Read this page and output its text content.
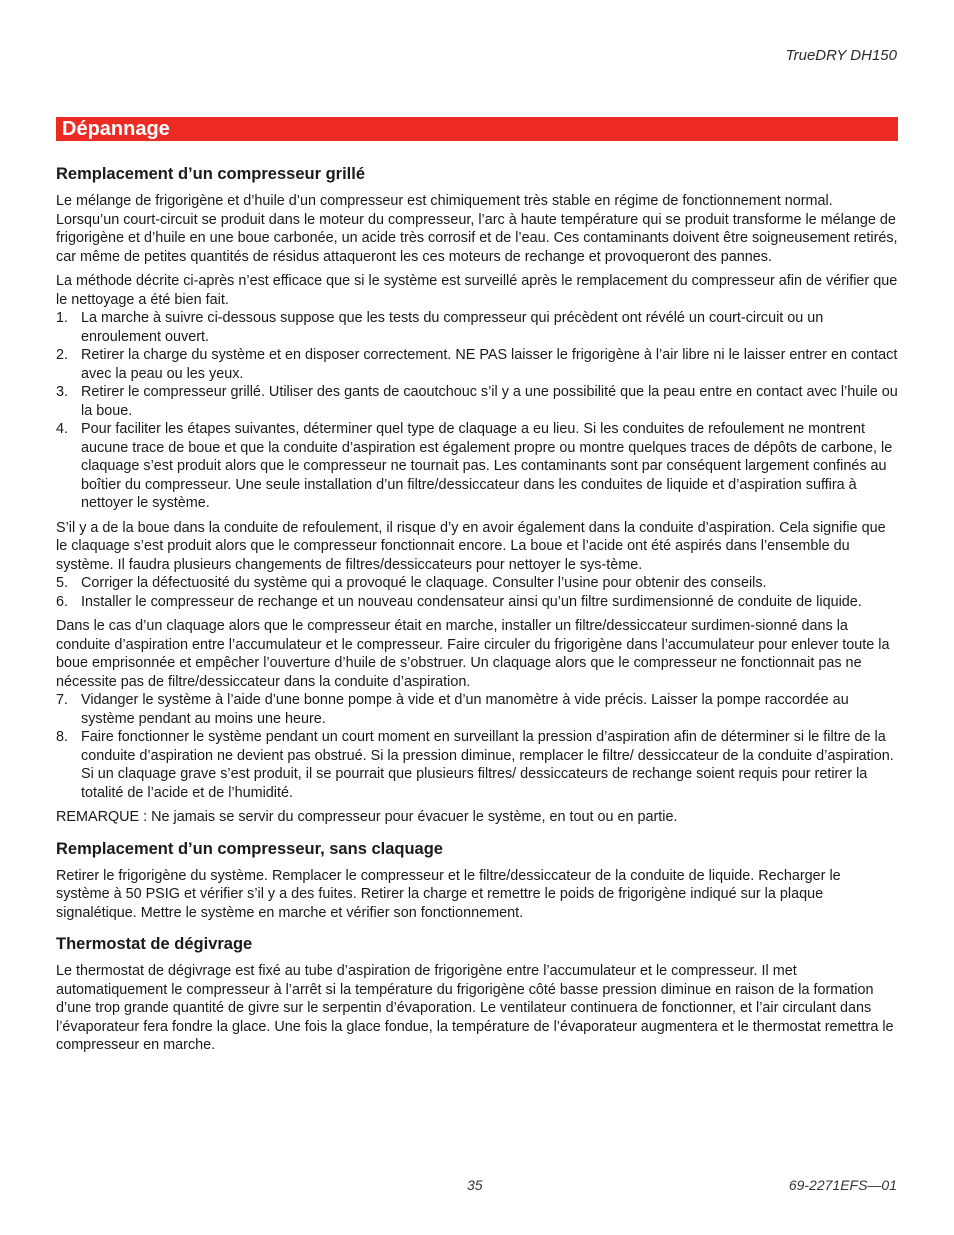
TrueDRY DH150
Dépannage
Remplacement d’un compresseur grillé

Le mélange de frigorigène et d’huile d’un compresseur est chimiquement très stable en régime de fonctionnement normal. Lorsqu’un court-circuit se produit dans le moteur du compresseur, l’arc à haute température qui se produit transforme le mélange de frigorigène et d’huile en une boue carbonée, un acide très corrosif et de l’eau. Ces contaminants doivent être soigneusement retirés, car même de petites quantités de résidus attaqueront les ces moteurs de rechange et provoqueront des pannes.

La méthode décrite ci-après n’est efficace que si le système est surveillé après le remplacement du compresseur afin de vérifier que le nettoyage a été bien fait.

1. La marche à suivre ci-dessous suppose que les tests du compresseur qui précèdent ont révélé un court-circuit ou un enroulement ouvert.
2. Retirer la charge du système et en disposer correctement. NE PAS laisser le frigorigène à l’air libre ni le laisser entrer en contact avec la peau ou les yeux.
3. Retirer le compresseur grillé. Utiliser des gants de caoutchouc s’il y a une possibilité que la peau entre en contact avec l’huile ou la boue.
4. Pour faciliter les étapes suivantes, déterminer quel type de claquage a eu lieu. Si les conduites de refoulement ne montrent aucune trace de boue et que la conduite d’aspiration est également propre ou montre quelques traces de dépôts de carbone, le claquage s’est produit alors que le compresseur ne tournait pas. Les contaminants sont par conséquent largement confinés au boîtier du compresseur. Une seule installation d’un filtre/dessiccateur dans les conduites de liquide et d’aspiration suffira à nettoyer le système.

S’il y a de la boue dans la conduite de refoulement, il risque d’y en avoir également dans la conduite d’aspiration. Cela signifie que le claquage s’est produit alors que le compresseur fonctionnait encore. La boue et l’acide ont été aspirés dans l’ensemble du système. Il faudra plusieurs changements de filtres/dessiccateurs pour nettoyer le sys-tème.

5. Corriger la défectuosité du système qui a provoqué le claquage. Consulter l’usine pour obtenir des conseils.
6. Installer le compresseur de rechange et un nouveau condensateur ainsi qu’un filtre surdimensionné de conduite de liquide.

Dans le cas d’un claquage alors que le compresseur était en marche, installer un filtre/dessiccateur surdimen-sionné dans la conduite d’aspiration entre l’accumulateur et le compresseur. Faire circuler du frigorigène dans l’accumulateur pour enlever toute la boue emprisonnée et empêcher l’ouverture d’huile de s’obstruer. Un claquage alors que le compresseur ne fonctionnait pas ne nécessite pas de filtre/dessiccateur dans la conduite d’aspiration.

7. Vidanger le système à l’aide d’une bonne pompe à vide et d’un manomètre à vide précis. Laisser la pompe raccordée au système pendant au moins une heure.
8. Faire fonctionner le système pendant un court moment en surveillant la pression d’aspiration afin de déterminer si le filtre de la conduite d’aspiration ne devient pas obstrué. Si la pression diminue, remplacer le filtre/ dessiccateur de la conduite d’aspiration. Si un claquage grave s’est produit, il se pourrait que plusieurs filtres/ dessiccateurs de rechange soient requis pour retirer la totalité de l’acide et de l’humidité.

REMARQUE : Ne jamais se servir du compresseur pour évacuer le système, en tout ou en partie.

Remplacement d’un compresseur, sans claquage

Retirer le frigorigène du système. Remplacer le compresseur et le filtre/dessiccateur de la conduite de liquide. Recharger le système à 50 PSIG et vérifier s’il y a des fuites. Retirer la charge et remettre le poids de frigorigène indiqué sur la plaque signalétique. Mettre le système en marche et vérifier son fonctionnement.

Thermostat de dégivrage

Le thermostat de dégivrage est fixé au tube d’aspiration de frigorigène entre l’accumulateur et le compresseur. Il met automatiquement le compresseur à l’arrêt si la température du frigorigène côté basse pression diminue en raison de la formation d’une trop grande quantité de givre sur le serpentin d’évaporation. Le ventilateur continuera de fonctionner, et l’air circulant dans l’évaporateur fera fondre la glace. Une fois la glace fondue, la température de l’évaporateur augmentera et le thermostat remettra le compresseur en marche.

35	69-2271EFS—01
